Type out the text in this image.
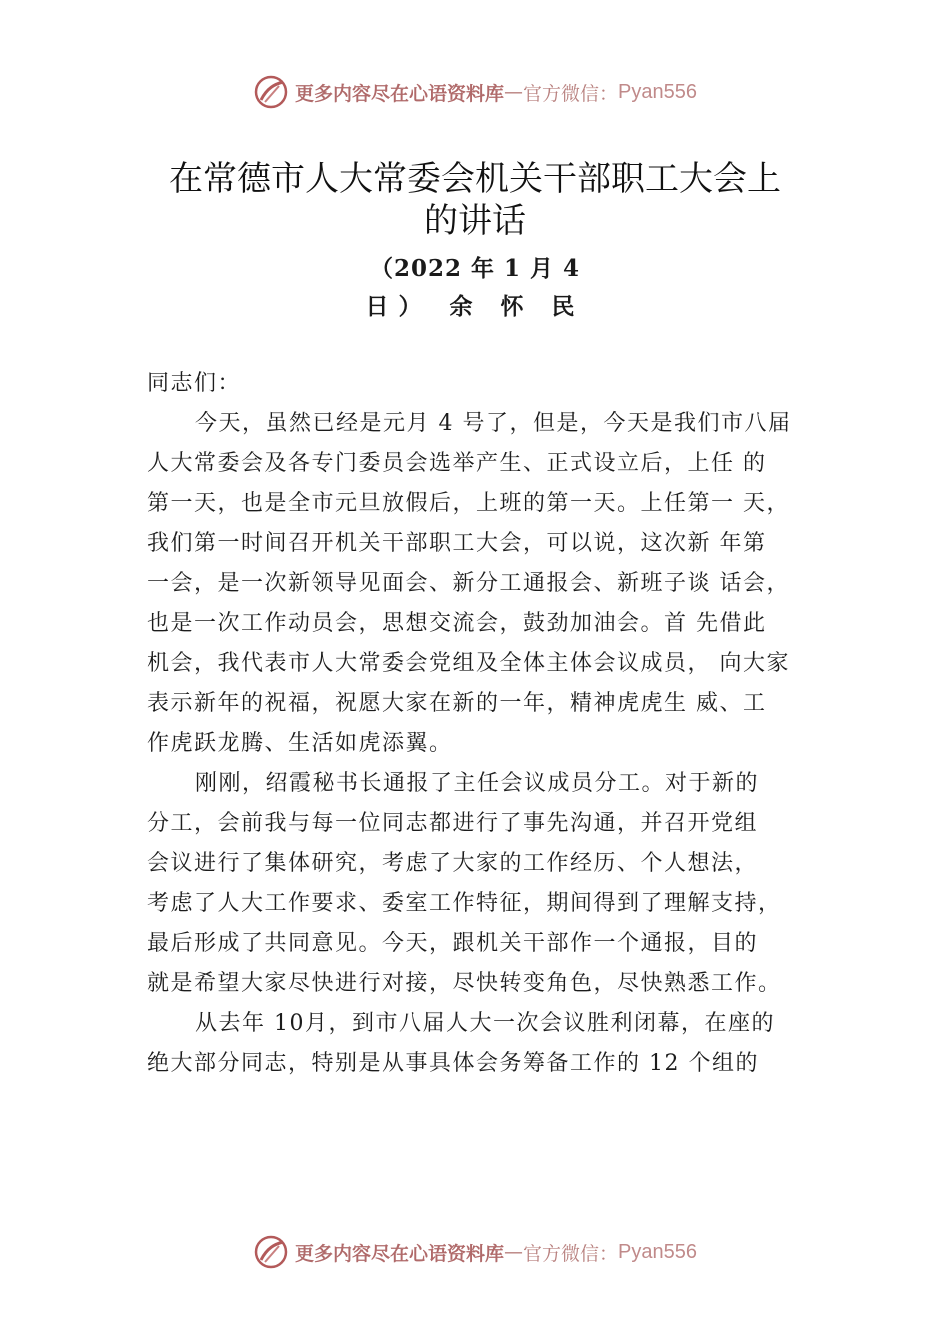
更多内容尽在心语资料库 — 官方微信： Pyan556
在常德市人大常委会机关干部职工大会上
的讲话
（2022 年 1 月 4
日） 余 怀 民
同志们：
今天，虽然已经是元月 4 号了，但是，今天是我们市八届
人大常委会及各专门委员会选举产生、正式设立后，上任 的
第一天，也是全市元旦放假后，上班的第一天。上任第一 天，
我们第一时间召开机关干部职工大会，可以说，这次新 年第
一会，是一次新领导见面会、新分工通报会、新班子谈 话会，
也是一次工作动员会，思想交流会，鼓劲加油会。首 先借此
机会，我代表市人大常委会党组及全体主体会议成员， 向大家
表示新年的祝福，祝愿大家在新的一年，精神虎虎生 威、工
作虎跃龙腾、生活如虎添翼。
刚刚，绍霞秘书长通报了主任会议成员分工。对于新的
分工，会前我与每一位同志都进行了事先沟通，并召开党组
会议进行了集体研究，考虑了大家的工作经历、个人想法，
考虑了人大工作要求、委室工作特征，期间得到了理解支持，
最后形成了共同意见。今天，跟机关干部作一个通报，目的
就是希望大家尽快进行对接，尽快转变角色，尽快熟悉工作。
从去年 10月，到市八届人大一次会议胜利闭幕，在座的
绝大部分同志，特别是从事具体会务筹备工作的 12 个组的
更多内容尽在心语资料库 — 官方微信： Pyan556
